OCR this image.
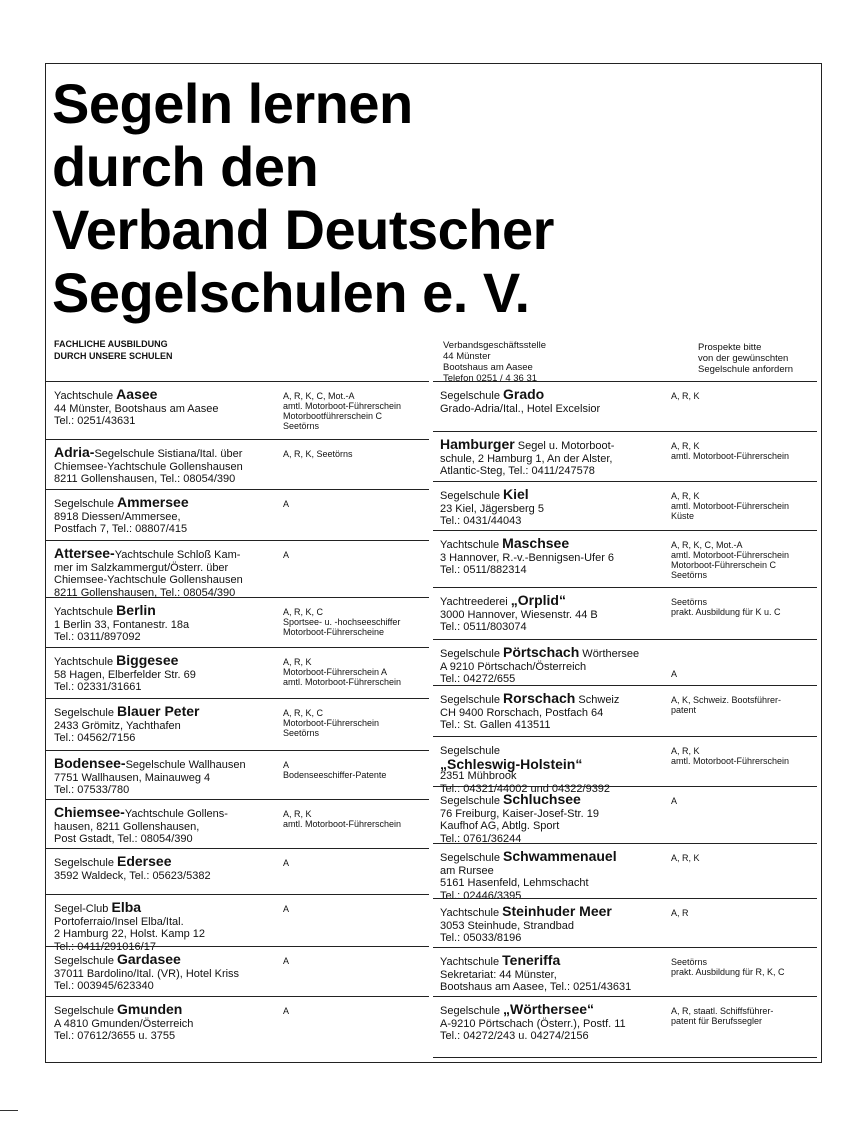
Segeln lernen
durch den
Verband Deutscher
Segelschulen e. V.
FACHLICHE AUSBILDUNG
DURCH UNSERE SCHULEN
Verbandsgeschäftsstelle
44 Münster
Bootshaus am Aasee
Telefon 0251 / 4 36 31
Prospekte bitte
von der gewünschten
Segelschule anfordern
Yachtschule Aasee
44 Münster, Bootshaus am Aasee
Tel.: 0251/43631
A, R, K, C, Mot.-A
amtl. Motorboot-Führerschein
Motorbootführerschein C
Seetörns
Adria-Segelschule Sistiana/Ital. über
Chiemsee-Yachtschule Gollenshausen
8211 Gollenshausen, Tel.: 08054/390
A, R, K, Seetörns
Segelschule Ammersee
8918 Diessen/Ammersee,
Postfach 7, Tel.: 08807/415
A
Attersee-Yachtschule Schloß Kam-
mer im Salzkammergut/Österr. über
Chiemsee-Yachtschule Gollenshausen
8211 Gollenshausen, Tel.: 08054/390
A
Yachtschule Berlin
1 Berlin 33, Fontanestr. 18a
Tel.: 0311/897092
A, R, K, C
Sportsee- u. -hochseeschiffer
Motorboot-Führerscheine
Yachtschule Biggesee
58 Hagen, Elberfelder Str. 69
Tel.: 02331/31661
A, R, K
Motorboot-Führerschein A
amtl. Motorboot-Führerschein
Segelschule Blauer Peter
2433 Grömitz, Yachthafen
Tel.: 04562/7156
A, R, K, C
Motorboot-Führerschein
Seetörns
Bodensee-Segelschule Wallhausen
7751 Wallhausen, Mainauweg 4
Tel.: 07533/780
A
Bodenseeschiffer-Patente
Chiemsee-Yachtschule Gollens-
hausen, 8211 Gollenshausen,
Post Gstadt, Tel.: 08054/390
A, R, K
amtl. Motorboot-Führerschein
Segelschule Edersee
3592 Waldeck, Tel.: 05623/5382
A
Segel-Club Elba
Portoferraio/Insel Elba/Ital.
2 Hamburg 22, Holst. Kamp 12
Tel.: 0411/291016/17
A
Segelschule Gardasee
37011 Bardolino/Ital. (VR), Hotel Kriss
Tel.: 003945/623340
A
Segelschule Gmunden
A 4810 Gmunden/Österreich
Tel.: 07612/3655 u. 3755
A
Segelschule Grado
Grado-Adria/Ital., Hotel Excelsior
A, R, K
Hamburger Segel u. Motorboot-
schule, 2 Hamburg 1, An der Alster,
Atlantic-Steg, Tel.: 0411/247578
A, R, K
amtl. Motorboot-Führerschein
Segelschule Kiel
23 Kiel, Jägersberg 5
Tel.: 0431/44043
A, R, K
amtl. Motorboot-Führerschein
Küste
Yachtschule Maschsee
3 Hannover, R.-v.-Bennigsen-Ufer 6
Tel.: 0511/882314
A, R, K, C, Mot.-A
amtl. Motorboot-Führerschein
Motorboot-Führerschein C
Seetörns
Yachtreederei „Orplid“
3000 Hannover, Wiesenstr. 44 B
Tel.: 0511/803074
Seetörns
prakt. Ausbildung für K u. C
Segelschule Pörtschach Wörthersee
A 9210 Pörtschach/Österreich
Tel.: 04272/655	A
Segelschule Rorschach Schweiz
CH 9400 Rorschach, Postfach 64
Tel.: St. Gallen 413511
A, K, Schweiz. Bootsführer-
patent
Segelschule
„Schleswig-Holstein“
2351 Mühbrook
Tel.: 04321/44002 und 04322/9392
A, R, K
amtl. Motorboot-Führerschein
Segelschule Schluchsee
76 Freiburg, Kaiser-Josef-Str. 19
Kaufhof AG, Abtlg. Sport
Tel.: 0761/36244
A
Segelschule Schwammenauel
am Rursee
5161 Hasenfeld, Lehmschacht
Tel.: 02446/3395
A, R, K
Yachtschule Steinhuder Meer
3053 Steinhude, Strandbad
Tel.: 05033/8196
A, R
Yachtschule Teneriffa
Sekretariat: 44 Münster,
Bootshaus am Aasee, Tel.: 0251/43631
Seetörns
prakt. Ausbildung für R, K, C
Segelschule „Wörthersee“
A-9210 Pörtschach (Österr.), Postf. 11
Tel.: 04272/243 u. 04274/2156
A, R, staatl. Schiffsführer-
patent für Berufssegler
